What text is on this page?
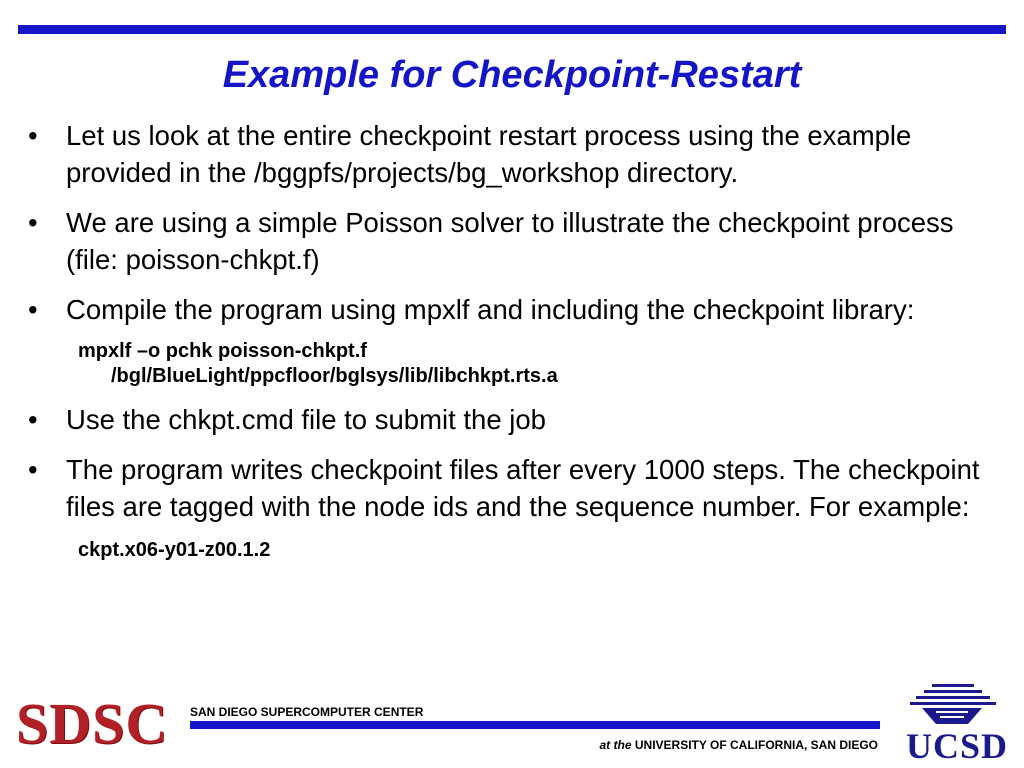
Example for Checkpoint-Restart
• Let us look at the entire checkpoint restart process using the example provided in the /bggpfs/projects/bg_workshop directory.
• We are using a simple Poisson solver to illustrate the checkpoint process (file: poisson-chkpt.f)
• Compile the program using mpxlf and including the checkpoint library:
mpxlf –o pchk poisson-chkpt.f
/bgl/BlueLight/ppcfloor/bglsys/lib/libchkpt.rts.a
• Use the chkpt.cmd file to submit the job
• The program writes checkpoint files after every 1000 steps. The checkpoint files are tagged with the node ids and the sequence number. For example:
ckpt.x06-y01-z00.1.2
SDSC SAN DIEGO SUPERCOMPUTER CENTER
at the UNIVERSITY OF CALIFORNIA, SAN DIEGO UCSD
